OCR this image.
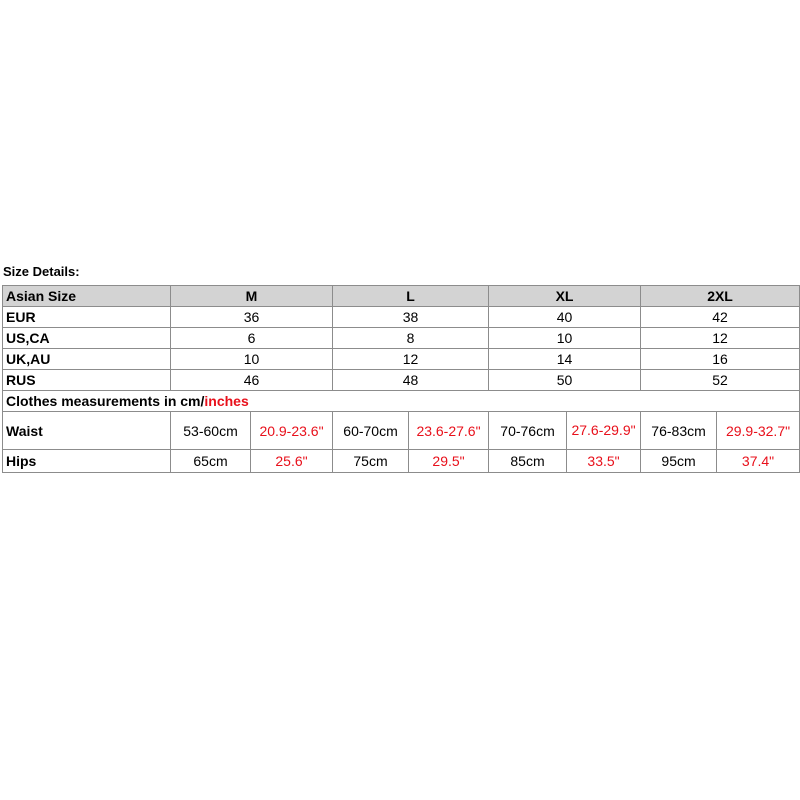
Size Details:
Asian Size	M		L		XL		2XL	
EUR	36		38		40		42	
US,CA	6		8		10		12	
UK,AU	10		12		14		16	
RUS	46		48		50		52	
Clothes measurements in cm/inches								
Waist	53-60cm	20.9-23.6"	60-70cm	23.6-27.6"	70-76cm	27.6-29.9"	76-83cm	29.9-32.7"
Hips	65cm	25.6"	75cm	29.5"	85cm	33.5"	95cm	37.4"
